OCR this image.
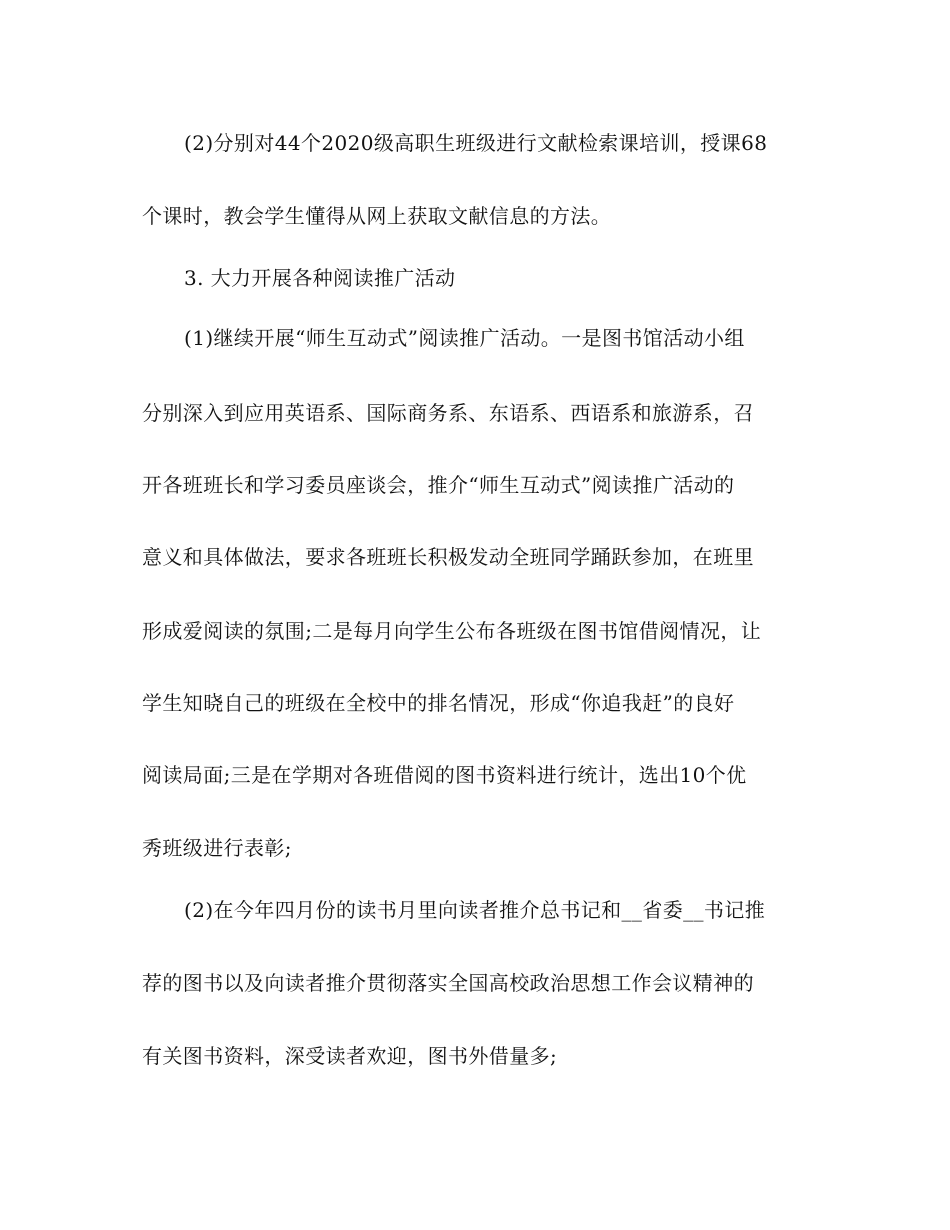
(2)分别对44个2020级高职生班级进行文献检索课培训，授课68
个课时，教会学生懂得从网上获取文献信息的方法。
3. 大力开展各种阅读推广活动
(1)继续开展“师生互动式”阅读推广活动。一是图书馆活动小组
分别深入到应用英语系、国际商务系、东语系、西语系和旅游系，召
开各班班长和学习委员座谈会，推介“师生互动式”阅读推广活动的
意义和具体做法，要求各班班长积极发动全班同学踊跃参加，在班里
形成爱阅读的氛围;二是每月向学生公布各班级在图书馆借阅情况，让
学生知晓自己的班级在全校中的排名情况，形成“你追我赶”的良好
阅读局面;三是在学期对各班借阅的图书资料进行统计，选出10个优
秀班级进行表彰;
(2)在今年四月份的读书月里向读者推介总书记和__省委__书记推
荐的图书以及向读者推介贯彻落实全国高校政治思想工作会议精神的
有关图书资料，深受读者欢迎，图书外借量多;
